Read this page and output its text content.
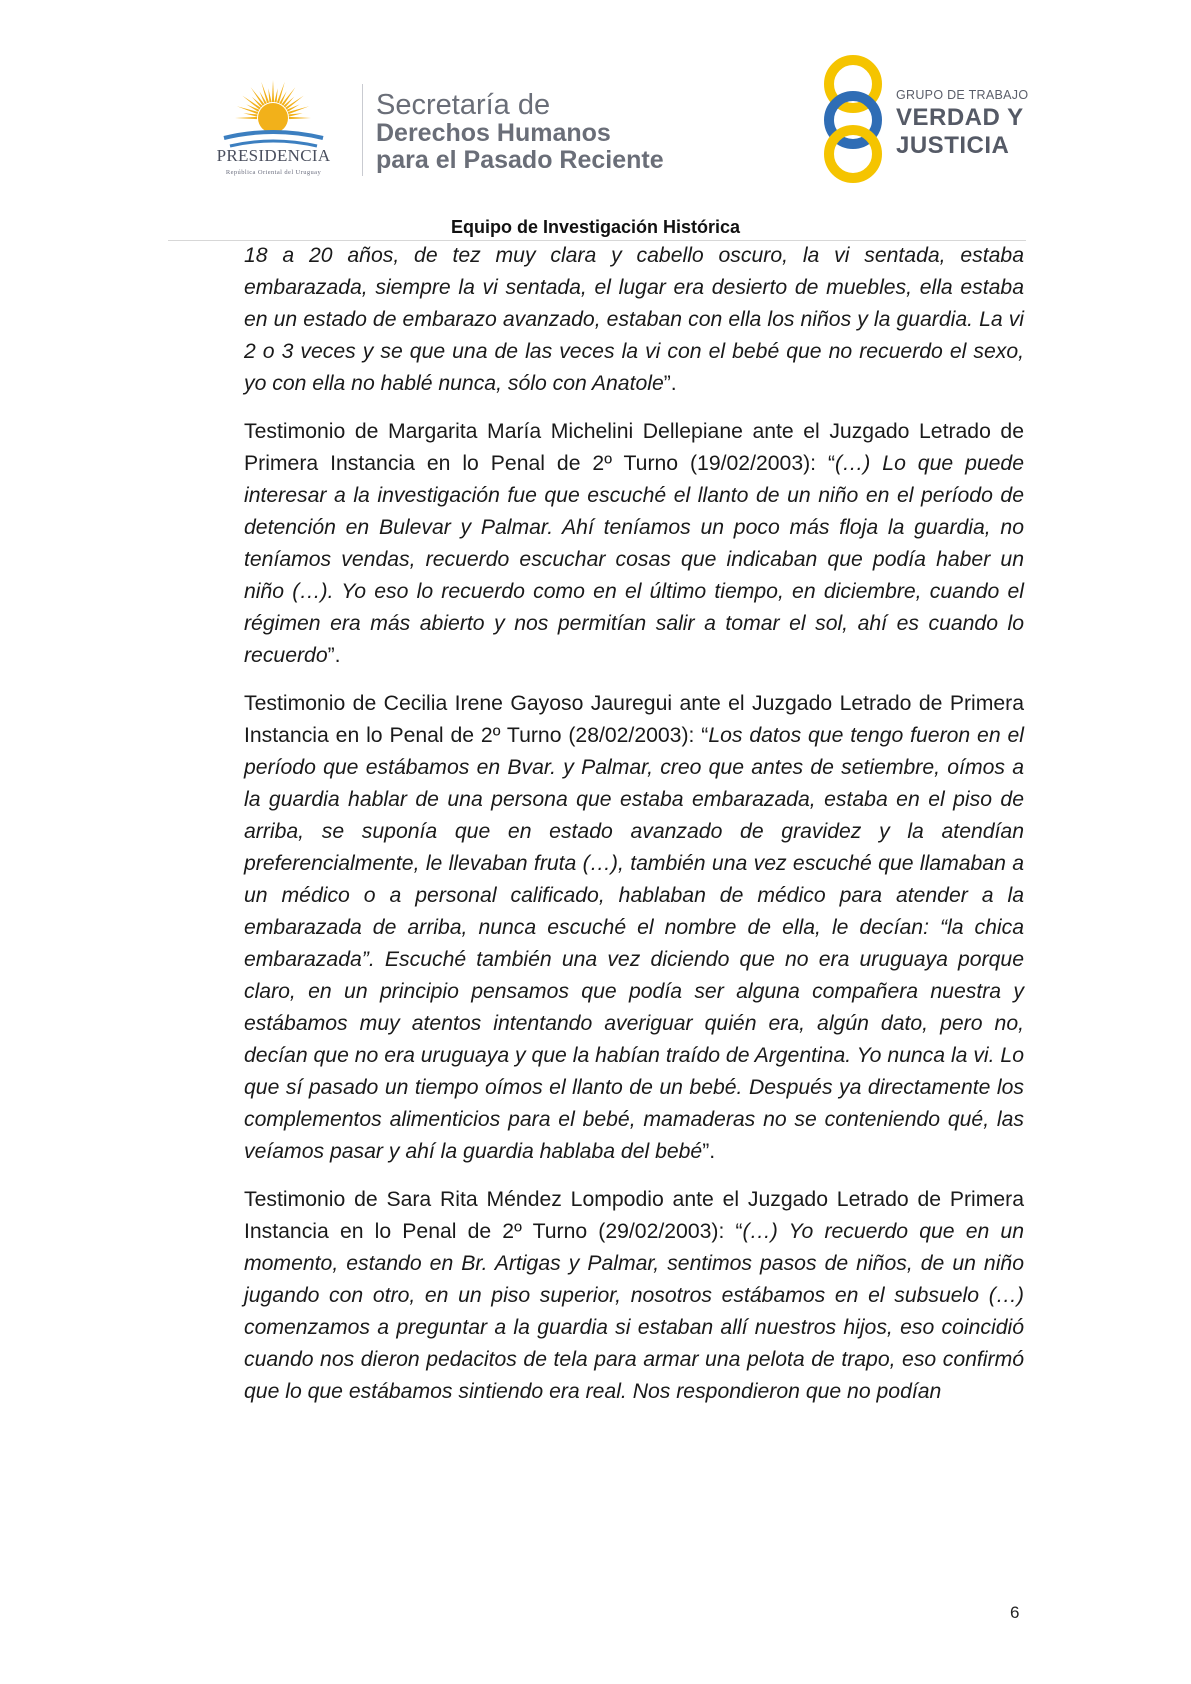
PRESIDENCIA
República Oriental del Uruguay
Secretaría de
Derechos Humanos
para el Pasado Reciente
GRUPO DE TRABAJO
VERDAD Y
JUSTICIA
Equipo de Investigación Histórica

18 a 20 años, de tez muy clara y cabello oscuro, la vi sentada, estaba embarazada, siempre la vi sentada, el lugar era desierto de muebles, ella estaba en un estado de embarazo avanzado, estaban con ella los niños y la guardia. La vi 2 o 3 veces y se que una de las veces la vi con el bebé que no recuerdo el sexo, yo con ella no hablé nunca, sólo con Anatole”.

Testimonio de Margarita María Michelini Dellepiane ante el Juzgado Letrado de Primera Instancia en lo Penal de 2º Turno (19/02/2003): “(…) Lo que puede interesar a la investigación fue que escuché el llanto de un niño en el período de detención en Bulevar y Palmar. Ahí teníamos un poco más floja la guardia, no teníamos vendas, recuerdo escuchar cosas que indicaban que podía haber un niño (…). Yo eso lo recuerdo como en el último tiempo, en diciembre, cuando el régimen era más abierto y nos permitían salir a tomar el sol, ahí es cuando lo recuerdo”.

Testimonio de Cecilia Irene Gayoso Jauregui ante el Juzgado Letrado de Primera Instancia en lo Penal de 2º Turno (28/02/2003): “Los datos que tengo fueron en el período que estábamos en Bvar. y Palmar, creo que antes de setiembre, oímos a la guardia hablar de una persona que estaba embarazada, estaba en el piso de arriba, se suponía que en estado avanzado de gravidez y la atendían preferencialmente, le llevaban fruta (…), también una vez escuché que llamaban a un médico o a personal calificado, hablaban de médico para atender a la embarazada de arriba, nunca escuché el nombre de ella, le decían: “la chica embarazada”. Escuché también una vez diciendo que no era uruguaya porque claro, en un principio pensamos que podía ser alguna compañera nuestra y estábamos muy atentos intentando averiguar quién era, algún dato, pero no, decían que no era uruguaya y que la habían traído de Argentina. Yo nunca la vi. Lo que sí pasado un tiempo oímos el llanto de un bebé. Después ya directamente los complementos alimenticios para el bebé, mamaderas no se conteniendo qué, las veíamos pasar y ahí la guardia hablaba del bebé”.

Testimonio de Sara Rita Méndez Lompodio ante el Juzgado Letrado de Primera Instancia en lo Penal de 2º Turno (29/02/2003): “(…) Yo recuerdo que en un momento, estando en Br. Artigas y Palmar, sentimos pasos de niños, de un niño jugando con otro, en un piso superior, nosotros estábamos en el subsuelo (…) comenzamos a preguntar a la guardia si estaban allí nuestros hijos, eso coincidió cuando nos dieron pedacitos de tela para armar una pelota de trapo, eso confirmó que lo que estábamos sintiendo era real. Nos respondieron que no podían

6
